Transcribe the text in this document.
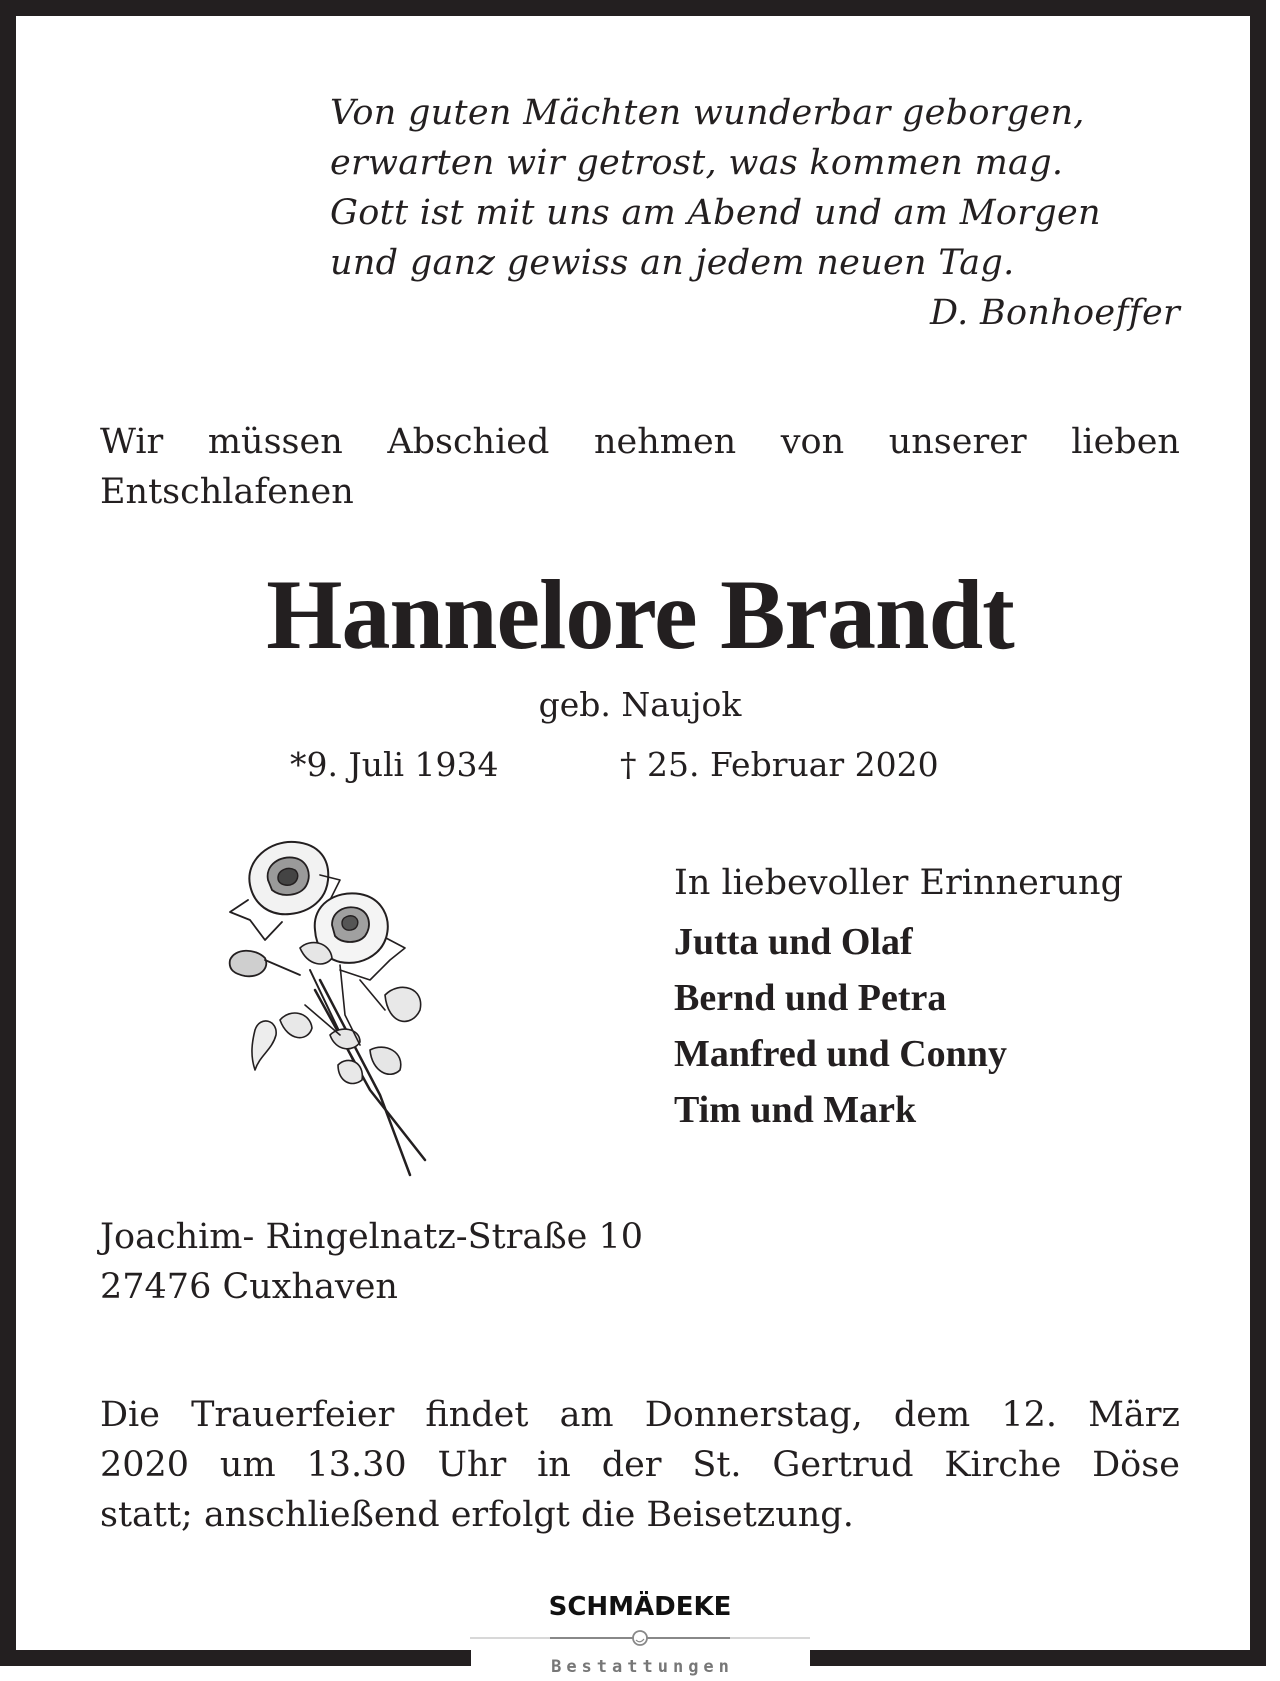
Von guten Mächten wunderbar geborgen,
erwarten wir getrost, was kommen mag.
Gott ist mit uns am Abend und am Morgen
und ganz gewiss an jedem neuen Tag.
D. Bonhoeffer
Wir müssen Abschied nehmen von unserer lieben
Entschlafenen
Hannelore Brandt
geb. Naujok
*9. Juli 1934	† 25. Februar 2020
In liebevoller Erinnerung
Jutta und Olaf
Bernd und Petra
Manfred und Conny
Tim und Mark
Joachim- Ringelnatz-Straße 10
27476 Cuxhaven
Die Trauerfeier findet am Donnerstag, dem 12. März
2020 um 13.30 Uhr in der St. Gertrud Kirche Döse
statt; anschließend erfolgt die Beisetzung.
SCHMÄDEKE
Bestattungen
